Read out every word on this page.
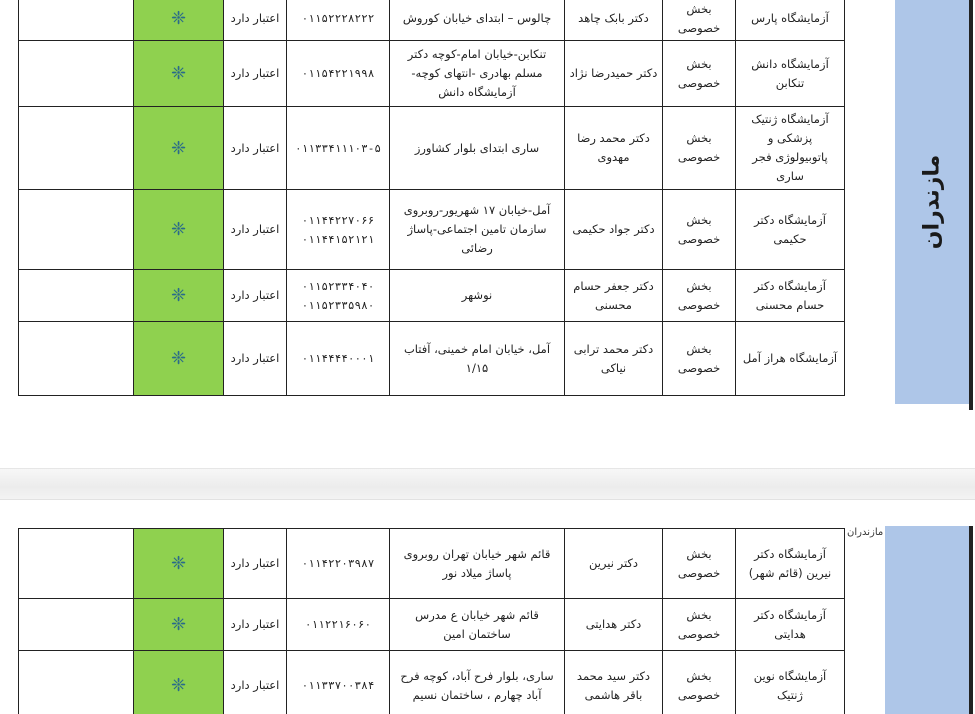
مازندران
	❈	اعتبار دارد	۰۱۱۵۲۲۲۸۲۲۲	چالوس – ابتدای خیابان کوروش	دکتر بابک چاهد	بخش خصوصی	آزمایشگاه پارس
	❈	اعتبار دارد	۰۱۱۵۴۲۲۱۹۹۸	تنکابن-خیابان امام-کوچه دکتر مسلم بهادری -انتهای کوچه-آزمایشگاه دانش	دکتر حمیدرضا نژاد	بخش خصوصی	آزمایشگاه دانش تنکابن
	❈	اعتبار دارد	۰۱۱۳۳۴۱۱۱۰۳-۵	ساری ابتدای بلوار کشاورز	دکتر محمد رضا مهدوی	بخش خصوصی	آزمایشگاه ژنتیک پزشکی و پاتوبیولوژی فجر ساری
	❈	اعتبار دارد	۰۱۱۴۴۲۲۷۰۶۶ ۰۱۱۴۴۱۵۲۱۲۱	آمل-خیابان ۱۷ شهریور-روبروی سازمان تامین اجتماعی-پاساژ رضائی	دکتر جواد حکیمی	بخش خصوصی	آزمایشگاه دکتر حکیمی
	❈	اعتبار دارد	۰۱۱۵۲۳۳۴۰۴۰ ۰۱۱۵۲۳۳۵۹۸۰	نوشهر	دکتر جعفر حسام محسنی	بخش خصوصی	آزمایشگاه دکتر حسام محسنی
	❈	اعتبار دارد	۰۱۱۴۴۴۴۰۰۰۱	آمل، خیابان امام خمینی، آفتاب ۱/۱۵	دکتر محمد ترابی نیاکی	بخش خصوصی	آزمایشگاه هراز آمل
مازندران
	❈	اعتبار دارد	۰۱۱۴۲۲۰۳۹۸۷	قائم شهر خیابان تهران روبروی پاساژ میلاد نور	دکتر نیرین	بخش خصوصی	آزمایشگاه دکتر نیرین (قائم شهر)
	❈	اعتبار دارد	۰۱۱۲۲۱۶۰۶۰	قائم شهر خیابان ع مدرس ساختمان امین	دکتر هدایتی	بخش خصوصی	آزمایشگاه دکتر هدایتی
	❈	اعتبار دارد	۰۱۱۳۳۷۰۰۳۸۴	ساری، بلوار فرح آباد، کوچه فرح آباد چهارم ، ساختمان نسیم	دکتر سید محمد باقر هاشمی	بخش خصوصی	آزمایشگاه نوین ژنتیک
